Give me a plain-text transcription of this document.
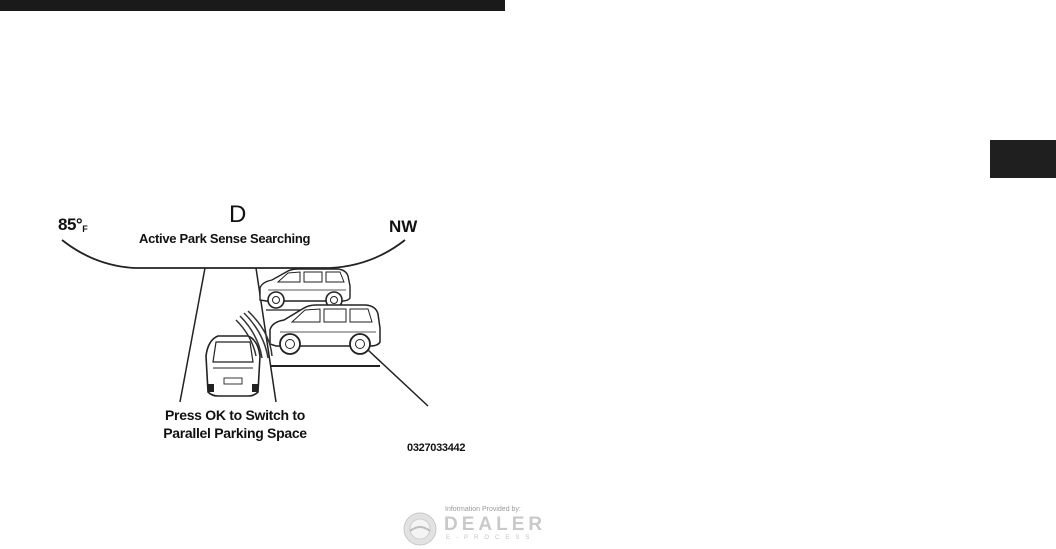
85°F
D
Active Park Sense Searching
NW
Press OK to Switch to
Parallel Parking Space
0327033442
Information Provided by:
DEALER
E-PROCESS
